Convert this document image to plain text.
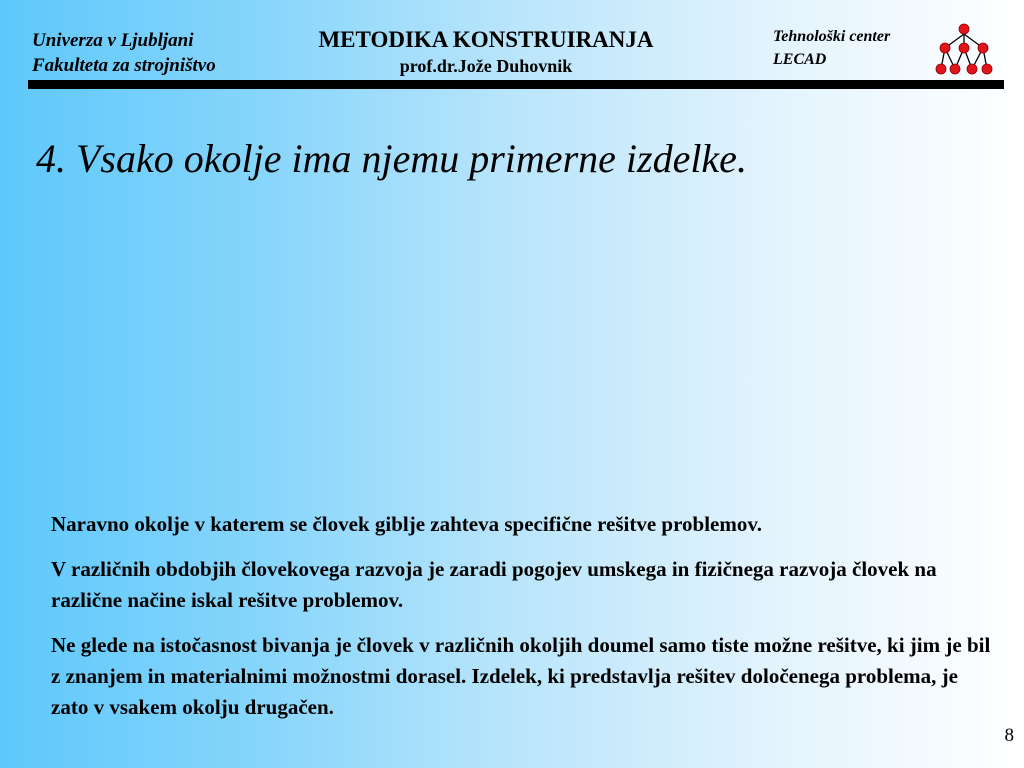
Univerza v Ljubljani
Fakulteta za strojništvo
METODIKA KONSTRUIRANJA
prof.dr.Jože Duhovnik
Tehnološki center
LECAD
4. Vsako okolje ima njemu primerne izdelke.

Naravno okolje v katerem se človek giblje zahteva specifične rešitve problemov.

V različnih obdobjih človekovega razvoja je zaradi pogojev umskega in fizičnega razvoja človek na različne načine iskal rešitve problemov.

Ne glede na istočasnost bivanja je človek v različnih okoljih doumel samo tiste možne rešitve, ki jim je bil z znanjem in materialnimi možnostmi dorasel. Izdelek, ki predstavlja rešitev določenega problema, je zato v vsakem okolju drugačen.

8
